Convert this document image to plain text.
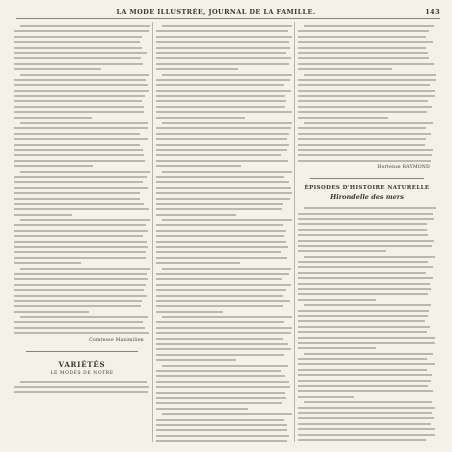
LA MODE ILLUSTRÉE, JOURNAL DE LA FAMILLE.	143
Comtesse Maximilien
VARIÉTÉS
LE MODES DE NOTRE
Hortense RAYMOND
ÉPISODES D'HISTOIRE NATURELLE
Hirondelle des mers
